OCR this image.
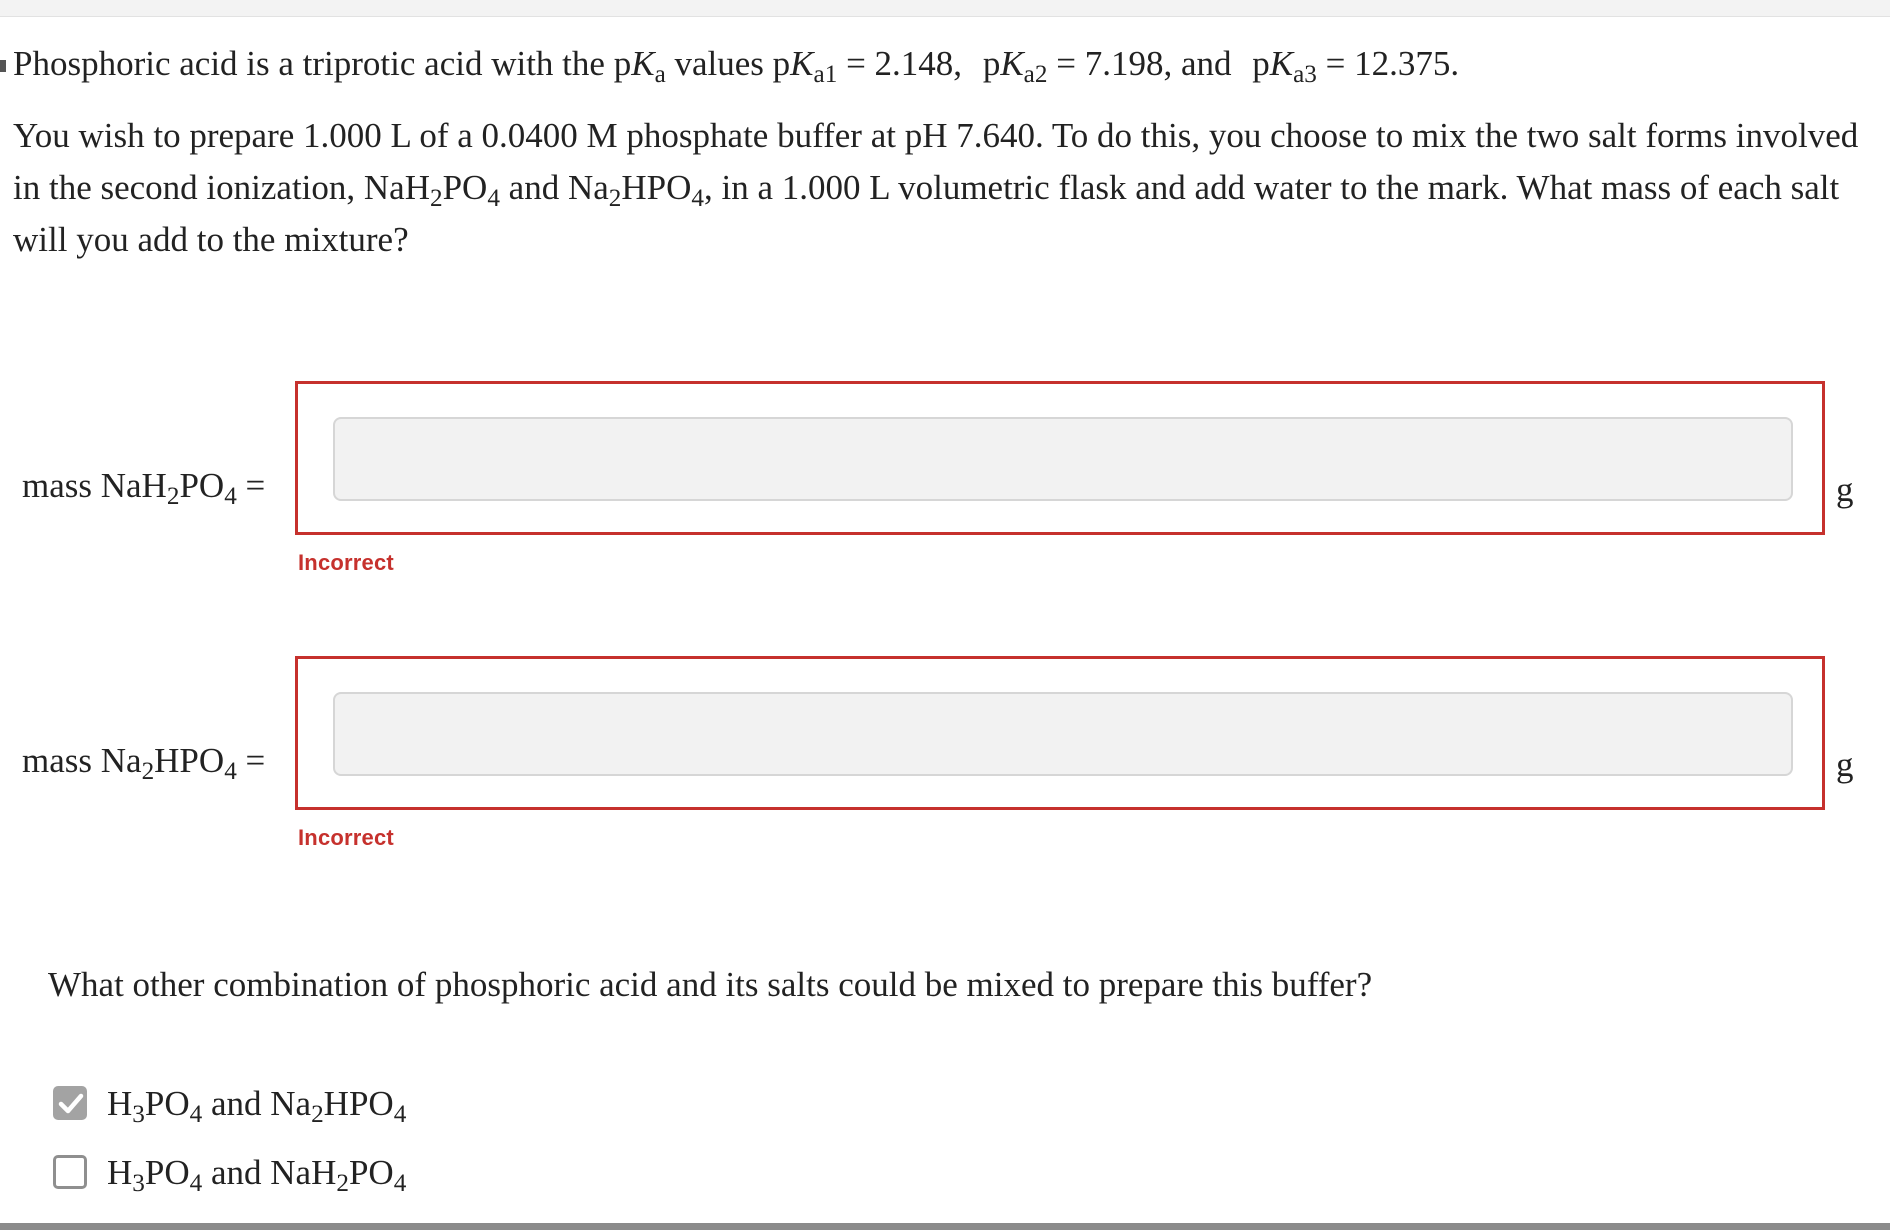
Phosphoric acid is a triprotic acid with the $pK_a$ values $pK_{a1} = 2.148$, $pK_{a2} = 7.198$, and $pK_{a3} = 12.375$.

You wish to prepare 1.000 L of a 0.0400 M phosphate buffer at pH 7.640. To do this, you choose to mix the two salt forms involved in the second ionization, $NaH_2PO_4$ and $Na_2HPO_4$, in a 1.000 L volumetric flask and add water to the mark. What mass of each salt will you add to the mixture?

mass $NaH_2PO_4$ =	g
Incorrect
mass $Na_2HPO_4$ =	g
Incorrect

What other combination of phosphoric acid and its salts could be mixed to prepare this buffer?

$H_3PO_4$ and $Na_2HPO_4$
$H_3PO_4$ and $NaH_2PO_4$
